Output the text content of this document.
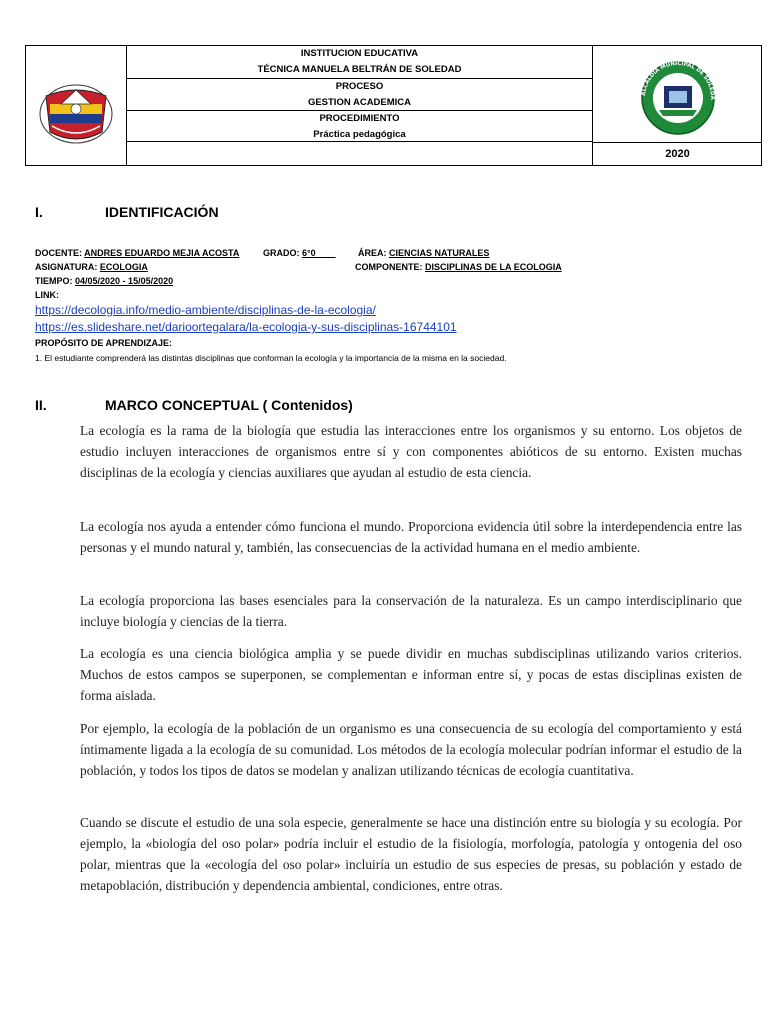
INSTITUCION EDUCATIVA
TÉCNICA MANUELA BELTRÁN DE SOLEDAD
PROCESO
GESTION ACADEMICA
PROCEDIMIENTO
Práctica pedagógica
ALCALDIA MUNICIPAL DE SOLEDA
2020
I.	IDENTIFICACIÓN
DOCENTE: ANDRES EDUARDO MEJIA ACOSTA	GRADO: 6°0	ÁREA: CIENCIAS NATURALES
ASIGNATURA: ECOLOGIA	COMPONENTE: DISCIPLINAS DE LA ECOLOGIA
TIEMPO: 04/05/2020 - 15/05/2020
LINK:
https://decologia.info/medio-ambiente/disciplinas-de-la-ecologia/
https://es.slideshare.net/darioortegalara/la-ecologia-y-sus-disciplinas-16744101
PROPÓSITO DE APRENDIZAJE:
1. El estudiante comprenderá las distintas disciplinas que conforman la ecología y la importancia de la misma en la sociedad.
II.	MARCO CONCEPTUAL ( Contenidos)

La ecología es la rama de la biología que estudia las interacciones entre los organismos y su entorno. Los objetos de estudio incluyen interacciones de organismos entre sí y con componentes abióticos de su entorno. Existen muchas disciplinas de la ecología y ciencias auxiliares que ayudan al estudio de esta ciencia.

La ecología nos ayuda a entender cómo funciona el mundo. Proporciona evidencia útil sobre la interdependencia entre las personas y el mundo natural y, también, las consecuencias de la actividad humana en el medio ambiente.

La ecología proporciona las bases esenciales para la conservación de la naturaleza. Es un campo interdisciplinario que incluye biología y ciencias de la tierra.

La ecología es una ciencia biológica amplia y se puede dividir en muchas subdisciplinas utilizando varios criterios. Muchos de estos campos se superponen, se complementan e informan entre sí, y pocas de estas disciplinas existen de forma aislada.

Por ejemplo, la ecología de la población de un organismo es una consecuencia de su ecología del comportamiento y está íntimamente ligada a la ecología de su comunidad. Los métodos de la ecología molecular podrían informar el estudio de la población, y todos los tipos de datos se modelan y analizan utilizando técnicas de ecología cuantitativa.

Cuando se discute el estudio de una sola especie, generalmente se hace una distinción entre su biología y su ecología. Por ejemplo, la «biología del oso polar» podría incluir el estudio de la fisiología, morfología, patología y ontogenia del oso polar, mientras que la «ecología del oso polar» incluiría un estudio de sus especies de presas, su población y estado de metapoblación, distribución y dependencia ambiental, condiciones, entre otras.
